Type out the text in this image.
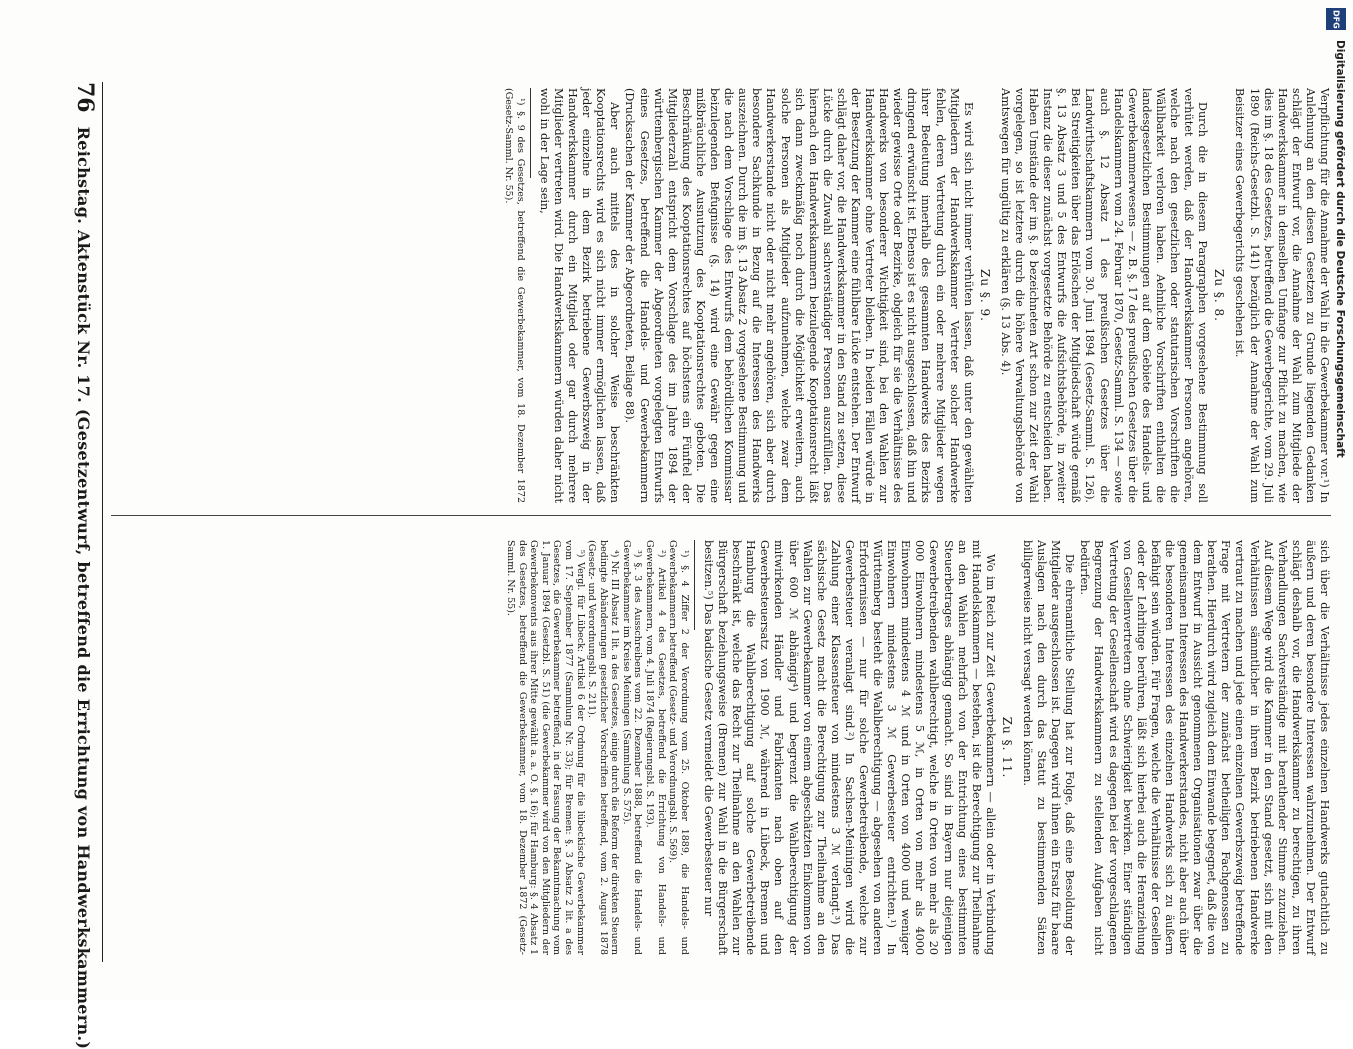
76
Reichstag. Aktenstück Nr. 17. (Gesetzentwurf, betreffend die Errichtung von Handwerkskammern.)	sich über die Verhältnisse jedes einzelnen Handwerks gutachtlich zu äußern und deren besondere Interessen wahrzunehmen. Der Entwurf schlägt deshalb vor, die Handwerkskammer zu berechtigen, zu ihren Verhandlungen Sachverständige mit berathender Stimme zuzuziehen. Auf diesem Wege wird die Kammer in den Stand gesetzt, sich mit den Verhältnissen sämmtlicher in ihrem Bezirk betriebenen Handwerke vertraut zu machen und jede einen einzelnen Gewerbszweig betreffende Frage mit Vertretern der zunächst betheiligten Fachgenossen zu berathen. Hierdurch wird zugleich dem Einwande begegnet, daß die von dem Entwurf in Aussicht genommenen Organisationen zwar über die gemeinsamen Interessen des Handwerkerstandes, nicht aber auch über die besonderen Interessen des einzelnen Handwerks sich zu äußern befähigt sein würden. Für Fragen, welche die Verhältnisse der Gesellen oder der Lehrlinge berühren, läßt sich hierbei auch die Heranziehung von Gesellenvertretern ohne Schwierigkeit bewirken. Einer ständigen Vertretung der Gesellenschaft wird es dagegen bei der vorgeschlagenen Begrenzung der Handwerkskammern zu stellenden Aufgaben nicht bedürfen.

Die ehrenamtliche Stellung hat zur Folge, daß eine Besoldung der Mitglieder ausgeschlossen ist. Dagegen wird ihnen ein Ersatz für baare Auslagen nach den durch das Statut zu bestimmenden Sätzen billigerweise nicht versagt werden können.

Zu §. 11.

Wo im Reich zur Zeit Gewerbekammern — allein oder in Verbindung mit Handelskammern — bestehen, ist die Berechtigung zur Theilnahme an den Wahlen mehrfach von der Entrichtung eines bestimmten Steuerbetrages abhängig gemacht. So sind in Bayern nur diejenigen Gewerbetreibenden wahlberechtigt, welche in Orten von mehr als 20 000 Einwohnern mindestens 5 ℳ, in Orten von mehr als 4000 Einwohnern mindestens 4 ℳ und in Orten von 4000 und weniger Einwohnern mindestens 3 ℳ Gewerbesteuer entrichten.¹) In Württemberg besteht die Wahlberechtigung — abgesehen von anderen Erfordernissen — nur für solche Gewerbetreibende, welche zur Gewerbesteuer veranlagt sind.²) In Sachsen-Meiningen wird die Zahlung einer Klassensteuer von mindestens 3 ℳ verlangt.³) Das sächsische Gesetz macht die Berechtigung zur Theilnahme an den Wahlen zur Gewerbekammer von einem abgeschätzten Einkommen von über 600 ℳ abhängig⁴) und begrenzt die Wahlberechtigung der mitwirkenden Händler und Fabrikanten nach oben auf den Gewerbesteuersatz von 1900 ℳ, während in Lübeck, Bremen und Hamburg die Wahlberechtigung auf solche Gewerbetreibende beschränkt ist, welche das Recht zur Theilnahme an den Wahlen zur Bürgerschaft beziehungsweise (Bremen) zur Wahl in die Bürgerschaft besitzen.⁵) Das badische Gesetz vermeidet die Gewerbesteuer nur

¹) §. 4 Ziffer 2 der Verordnung vom 25. Oktober 1889, die Handels- und Gewerbekammern betreffend (Gesetz- und Verordnungsbl. S. 569).

²) Artikel 4 des Gesetzes, betreffend die Errichtung von Handels- und Gewerbekammern, vom 4. Juli 1874 (Regierungsbl. S. 193).

³) §. 3 des Ausschreibens vom 22. Dezember 1888, betreffend die Handels- und Gewerbekammer im Kreise Meiningen (Sammlung S. 575).

⁴) Nr. III Absatz 1 lit. a des Gesetzes, einige durch die Reform der direkten Steuern bedingte Abänderungen gesetzlicher Vorschriften betreffend, vom 2. August 1878 (Gesetz- und Verordnungsbl. S. 211).

⁵) Vergl. für Lübeck: Artikel 6 der Ordnung für die lübeckische Gewerbekammer vom 17. September 1877 (Sammlung Nr. 33); für Bremen: §. 3 Absatz 2 lit. a des Gesetzes, die Gewerbekammer betreffend, in der Fassung der Bekanntmachung vom 1. Januar 1894 (Gesetzbl. S. 51) (die Gewerbekammer wird von den Mitgliedern der Gewerbekonvents aus ihrer Mitte gewählt a. a. O. §. 16); für Hamburg: §. 4 Absatz 1 des Gesetzes, betreffend die Gewerbekammer, vom 18. Dezember 1872 (Gesetz-Samml. Nr. 55).

Verpflichtung für die Annahme der Wahl in die Gewerbekammer vor.¹) In Anlehnung an den diesen Gesetzen zu Grunde liegenden Gedanken schlägt der Entwurf vor, die Annahme der Wahl zum Mitgliede der Handwerkskammer in demselben Umfange zur Pflicht zu machen, wie dies im §. 18 des Gesetzes, betreffend die Gewerbegerichte, vom 29. Juli 1890 (Reichs-Gesetzbl. S. 141) bezüglich der Annahme der Wahl zum Beisitzer eines Gewerbegerichts geschehen ist.

Zu §. 8.

Durch die in diesem Paragraphen vorgesehene Bestimmung soll verhütet werden, daß der Handwerkskammer Personen angehören, welche nach den gesetzlichen oder statutarischen Vorschriften die Wählbarkeit verloren haben. Aehnliche Vorschriften enthalten die landesgesetzlichen Bestimmungen auf dem Gebiete des Handels- und Gewerbekammerwesens — z. B. §. 17 des preußischen Gesetzes über die Handelskammern vom 24. Februar 1870, Gesetz-Samml. S. 134 — sowie auch §. 12 Absatz 1 des preußischen Gesetzes über die Landwirthschaftskammern vom 30. Juni 1894 (Gesetz-Samml. S. 126). Bei Streitigkeiten über das Erlöschen der Mitgliedschaft würde gemäß §. 13 Absatz 3 und 5 des Entwurfs die Aufsichtsbehörde, in zweiter Instanz die dieser zunächst vorgesetzte Behörde zu entscheiden haben. Haben Umstände der im §. 8 bezeichneten Art schon zur Zeit der Wahl vorgelegen, so ist letztere durch die höhere Verwaltungsbehörde von Amtswegen für ungültig zu erklären (§. 13 Abs. 4).

Zu §. 9.

Es wird sich nicht immer verhüten lassen, daß unter den gewählten Mitgliedern der Handwerkskammer Vertreter solcher Handwerke fehlen, deren Vertretung durch ein oder mehrere Mitglieder wegen ihrer Bedeutung innerhalb des gesammten Handwerks des Bezirks dringend erwünscht ist. Ebenso ist es nicht ausgeschlossen, daß hin und wieder gewisse Orte oder Bezirke, obgleich für sie die Verhältnisse des Handwerks von besonderer Wichtigkeit sind, bei den Wahlen zur Handwerkskammer ohne Vertreter bleiben. In beiden Fällen würde in der Besetzung der Kammer eine fühlbare Lücke entstehen. Der Entwurf schlägt daher vor, die Handwerkskammer in den Stand zu setzen, diese Lücke durch die Zuwahl sachverständiger Personen auszufüllen. Das hiernach den Handwerkskammern beizulegende Kooptationsrecht läßt sich dann zweckmäßig noch durch die Möglichkeit erweitern, auch solche Personen als Mitglieder aufzunehmen, welche zwar dem Handwerkerstande nicht oder nicht mehr angehören, sich aber durch besondere Sachkunde in Bezug auf die Interessen des Handwerks auszeichnen. Durch die im §. 13 Absatz 2 vorgesehene Bestimmung und die nach dem Vorschlage des Entwurfs dem behördlichen Kommissar beizulegenden Befugnisse (§. 14) wird eine Gewähr gegen eine mißbräuchliche Ausnutzung des Kooptationsrechtes geboten. Die Beschränkung des Kooptationsrechtes auf höchstens ein Fünftel der Mitgliederzahl entspricht dem Vorschlage des im Jahre 1894 der württembergischen Kammer der Abgeordneten vorgelegten Entwurfs eines Gesetzes, betreffend die Handels- und Gewerbekammern (Drucksachen der Kammer der Abgeordneten, Beilage 88).

Aber auch mittels des in solcher Weise beschränkten Kooptationsrechts wird es sich nicht immer ermöglichen lassen, daß jeder einzelne in dem Bezirk betriebene Gewerbszweig in der Handwerkskammer durch ein Mitglied oder gar durch mehrere Mitglieder vertreten wird. Die Handwerkskammern würden daher nicht wohl in der Lage sein,

¹) §. 9 des Gesetzes, betreffend die Gewerbekammer, vom 18. Dezember 1872 (Gesetz-Samml. Nr. 55).

DFG
Digitalisierung gefördert durch die Deutsche Forschungsgemeinschaft
